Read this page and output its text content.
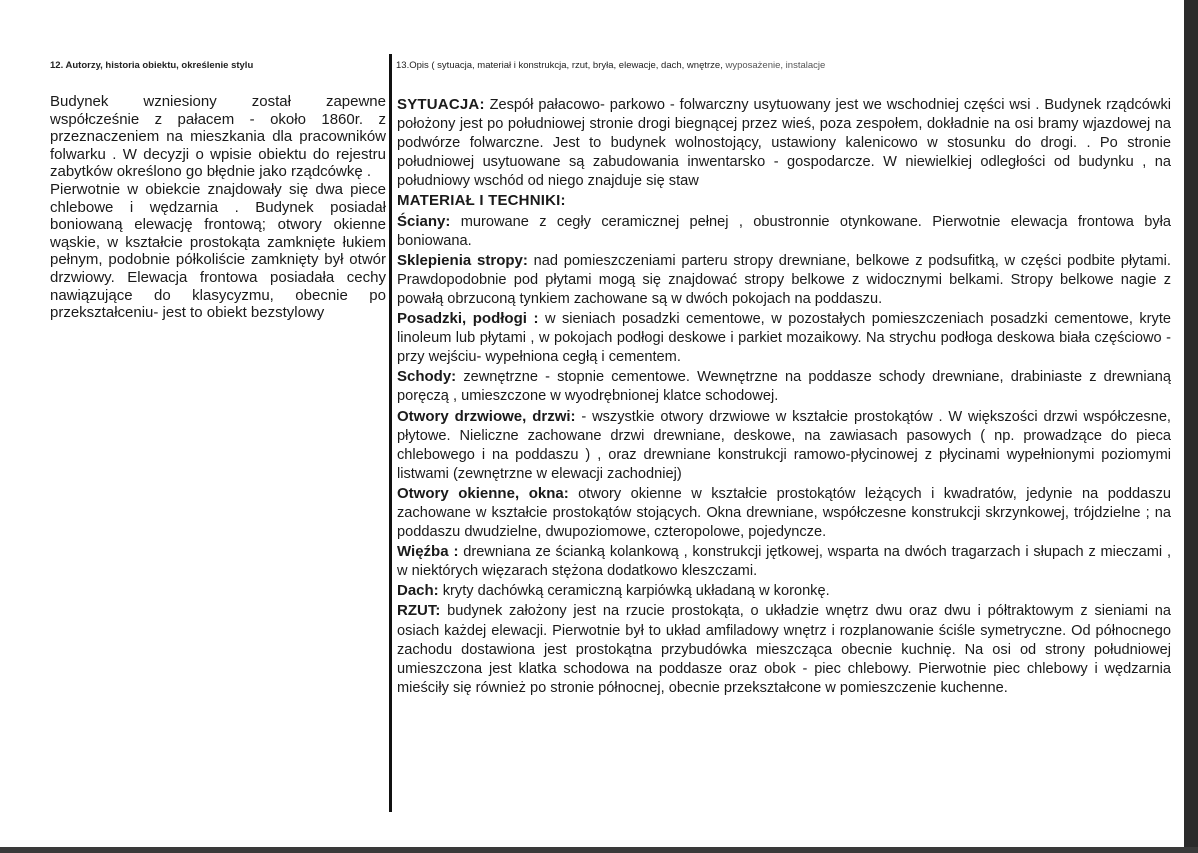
12. Autorzy, historia obiektu, określenie stylu	13.Opis ( sytuacja, materiał i konstrukcja, rzut, bryła, elewacje, dach, wnętrze, wyposażenie, instalacje

Budynek wzniesiony został zapewne współcześnie z pałacem - około 1860r. z przeznaczeniem na mieszkania dla pracowników folwarku . W decyzji o wpisie obiektu do rejestru zabytków określono go błędnie jako rządcówkę .

Pierwotnie w obiekcie znajdowały się dwa piece chlebowe i wędzarnia . Budynek posiadał boniowaną elewację frontową; otwory okienne wąskie, w kształcie prostokąta zamknięte łukiem pełnym, podobnie półkoliście zamknięty był otwór drzwiowy. Elewacja frontowa posiadała cechy nawiązujące do klasycyzmu, obecnie po przekształceniu- jest to obiekt bezstylowy

SYTUACJA: Zespół pałacowo- parkowo - folwarczny usytuowany jest we wschodniej części wsi . Budynek rządcówki położony jest po południowej stronie drogi biegnącej przez wieś, poza zespołem, dokładnie na osi bramy wjazdowej na podwórze folwarczne. Jest to budynek wolnostojący, ustawiony kalenicowo w stosunku do drogi. . Po stronie południowej usytuowane są zabudowania inwentarsko - gospodarcze. W niewielkiej odległości od budynku , na południowy wschód od niego znajduje się staw

MATERIAŁ I TECHNIKI:

Ściany: murowane z cegły ceramicznej pełnej , obustronnie otynkowane. Pierwotnie elewacja frontowa była boniowana.

Sklepienia stropy: nad pomieszczeniami parteru stropy drewniane, belkowe z podsufitką, w części podbite płytami. Prawdopodobnie pod płytami mogą się znajdować stropy belkowe z widocznymi belkami. Stropy belkowe nagie z powałą obrzuconą tynkiem zachowane są w dwóch pokojach na poddaszu.

Posadzki, podłogi : w sieniach posadzki cementowe, w pozostałych pomieszczeniach posadzki cementowe, kryte linoleum lub płytami , w pokojach podłogi deskowe i parkiet mozaikowy. Na strychu podłoga deskowa biała częściowo -przy wejściu- wypełniona cegłą i cementem.

Schody: zewnętrzne - stopnie cementowe. Wewnętrzne na poddasze schody drewniane, drabiniaste z drewnianą poręczą , umieszczone w wyodrębnionej klatce schodowej.

Otwory drzwiowe, drzwi: - wszystkie otwory drzwiowe w kształcie prostokątów . W większości drzwi współczesne, płytowe. Nieliczne zachowane drzwi drewniane, deskowe, na zawiasach pasowych ( np. prowadzące do pieca chlebowego i na poddaszu ) , oraz drewniane konstrukcji ramowo-płycinowej z płycinami wypełnionymi poziomymi listwami (zewnętrzne w elewacji zachodniej)

Otwory okienne, okna: otwory okienne w kształcie prostokątów leżących i kwadratów, jedynie na poddaszu zachowane w kształcie prostokątów stojących. Okna drewniane, współczesne konstrukcji skrzynkowej, trójdzielne ; na poddaszu dwudzielne, dwupoziomowe, czteropolowe, pojedyncze.

Więźba : drewniana ze ścianką kolankową , konstrukcji jętkowej, wsparta na dwóch tragarzach i słupach z mieczami , w niektórych więzarach stężona dodatkowo kleszczami.

Dach: kryty dachówką ceramiczną karpiówką układaną w koronkę.

RZUT: budynek założony jest na rzucie prostokąta, o układzie wnętrz dwu oraz dwu i półtraktowym z sieniami na osiach każdej elewacji. Pierwotnie był to układ amfiladowy wnętrz i rozplanowanie ściśle symetryczne. Od północnego zachodu dostawiona jest prostokątna przybudówka mieszcząca obecnie kuchnię. Na osi od strony południowej umieszczona jest klatka schodowa na poddasze oraz obok - piec chlebowy. Pierwotnie piec chlebowy i wędzarnia mieściły się również po stronie północnej, obecnie przekształcone w pomieszczenie kuchenne.
